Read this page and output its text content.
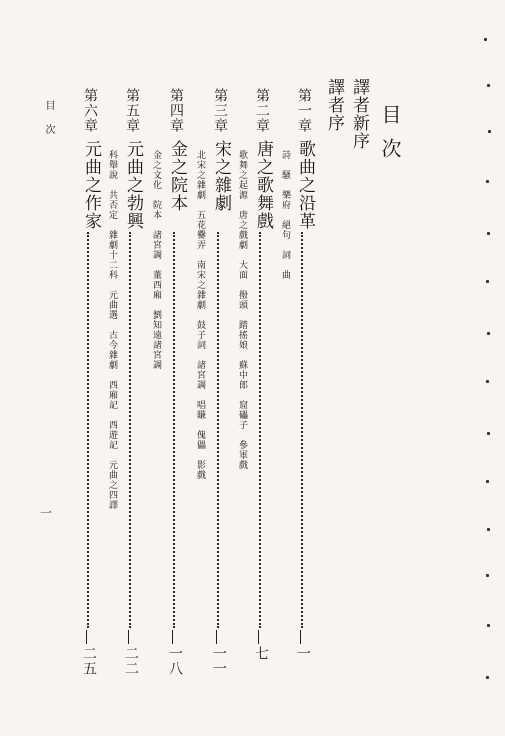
目次
譯者新序
譯者序
第一章
歌曲之沿革
詩　騷　樂府　絕句　詞　曲
一
第二章
唐之歌舞戲
歌舞之起源　唐之戲劇　大面　撥頭　踏搖娘　蘇中郎　窟礧子　參軍戲
七
第三章
宋之雜劇
北宋之雜劇　五花爨弄　南宋之雜劇　鼓子詞　諸宮調　唱賺　傀儡　影戲
一一
第四章
金之院本
金之文化　院本　諸宮調　董西廂　劉知遠諸宮調
一八
第五章
元曲之勃興
科舉說　共否定　雜劇十二科　元曲選　古今雜劇　西廂記　西遊記　元曲之四譯
二二
第六章
元曲之作家
二五
目次
一
